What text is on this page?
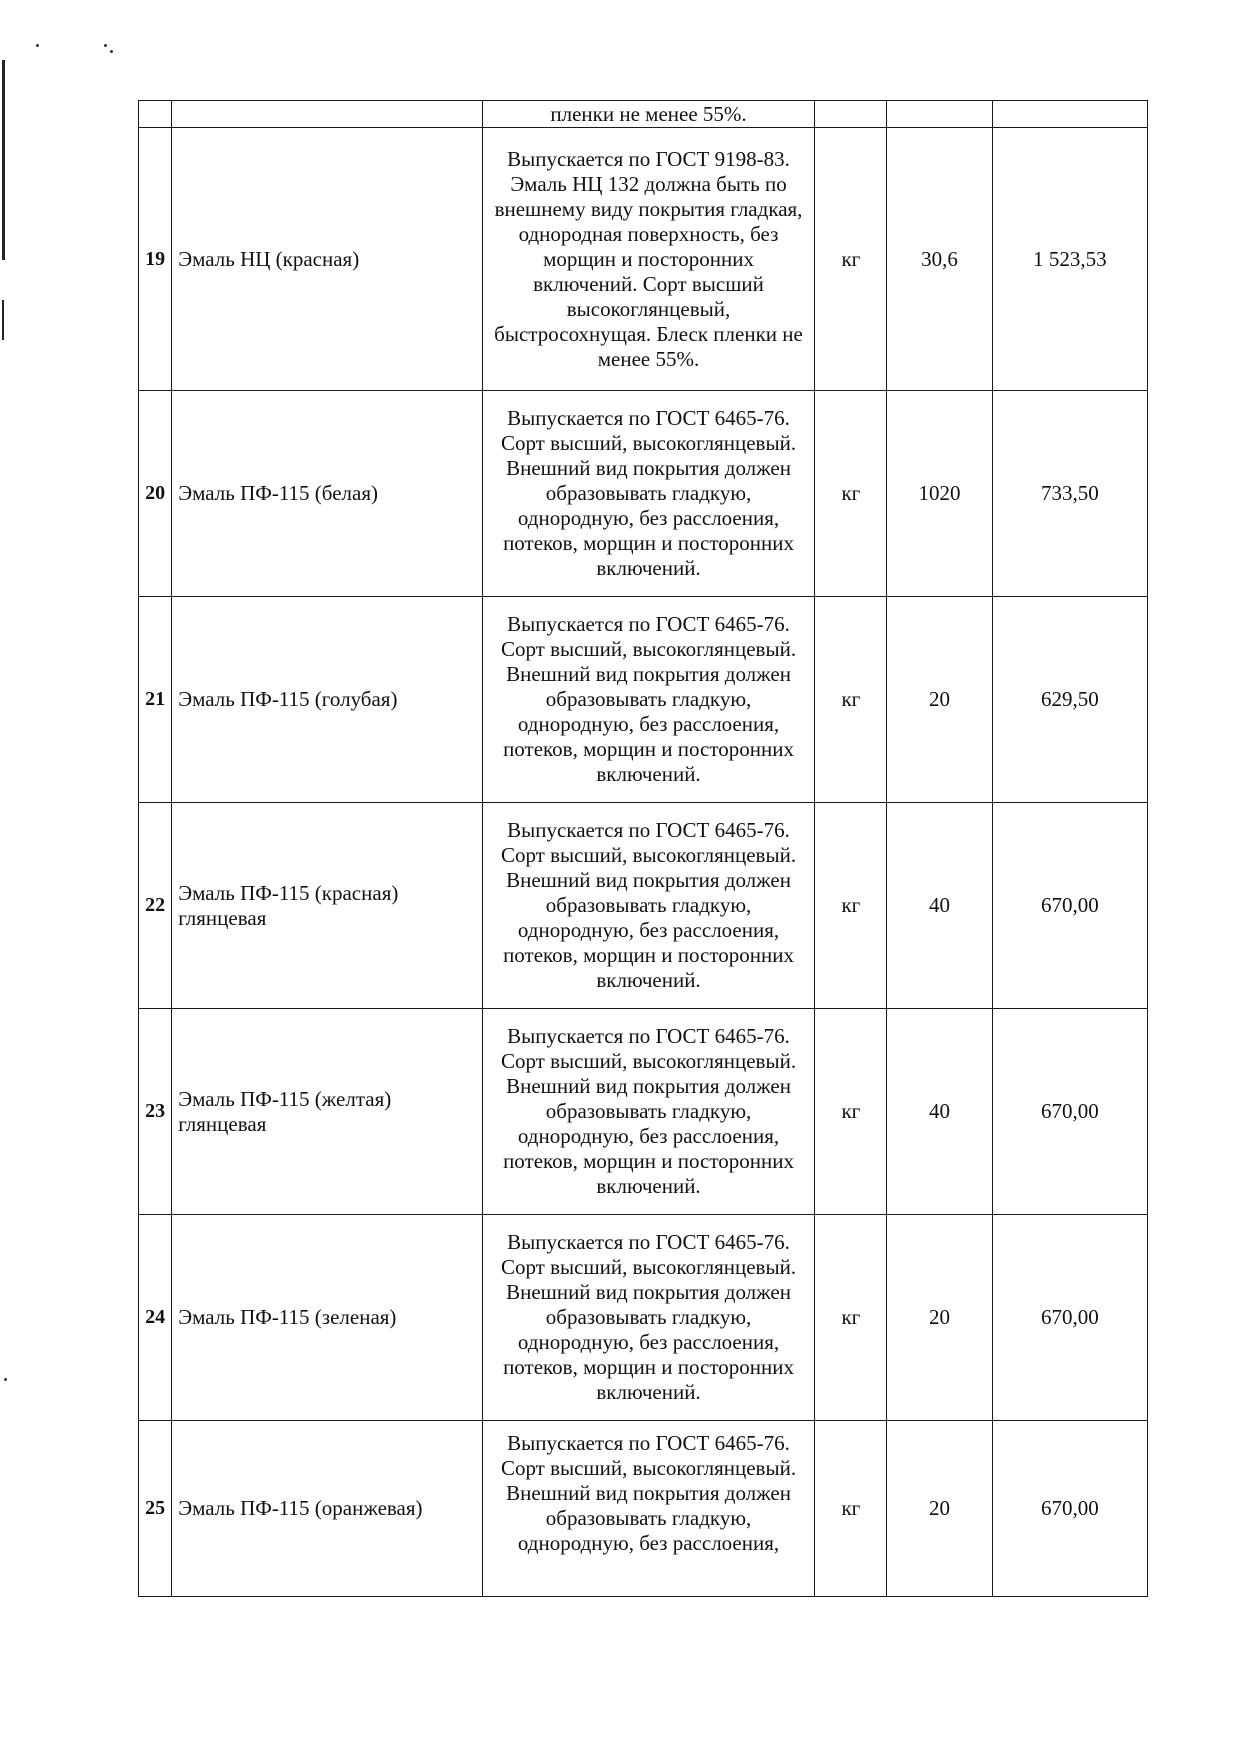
		пленки не менее 55%.			
19	Эмаль НЦ (красная)	Выпускается по ГОСТ 9198-83. Эмаль НЦ 132 должна быть по внешнему виду покрытия гладкая, однородная поверхность, без морщин и посторонних включений. Сорт высший высокоглянцевый, быстросохнущая. Блеск пленки не менее 55%.	кг	30,6	1 523,53
20	Эмаль ПФ-115 (белая)	Выпускается по ГОСТ 6465-76. Сорт высший, высокоглянцевый. Внешний вид покрытия должен образовывать гладкую, однородную, без расслоения, потеков, морщин и посторонних включений.	кг	1020	733,50
21	Эмаль ПФ-115 (голубая)	Выпускается по ГОСТ 6465-76. Сорт высший, высокоглянцевый. Внешний вид покрытия должен образовывать гладкую, однородную, без расслоения, потеков, морщин и посторонних включений.	кг	20	629,50
22	Эмаль ПФ-115 (красная) глянцевая	Выпускается по ГОСТ 6465-76. Сорт высший, высокоглянцевый. Внешний вид покрытия должен образовывать гладкую, однородную, без расслоения, потеков, морщин и посторонних включений.	кг	40	670,00
23	Эмаль ПФ-115 (желтая) глянцевая	Выпускается по ГОСТ 6465-76. Сорт высший, высокоглянцевый. Внешний вид покрытия должен образовывать гладкую, однородную, без расслоения, потеков, морщин и посторонних включений.	кг	40	670,00
24	Эмаль ПФ-115 (зеленая)	Выпускается по ГОСТ 6465-76. Сорт высший, высокоглянцевый. Внешний вид покрытия должен образовывать гладкую, однородную, без расслоения, потеков, морщин и посторонних включений.	кг	20	670,00
25	Эмаль ПФ-115 (оранжевая)	Выпускается по ГОСТ 6465-76. Сорт высший, высокоглянцевый. Внешний вид покрытия должен образовывать гладкую, однородную, без расслоения,	кг	20	670,00
